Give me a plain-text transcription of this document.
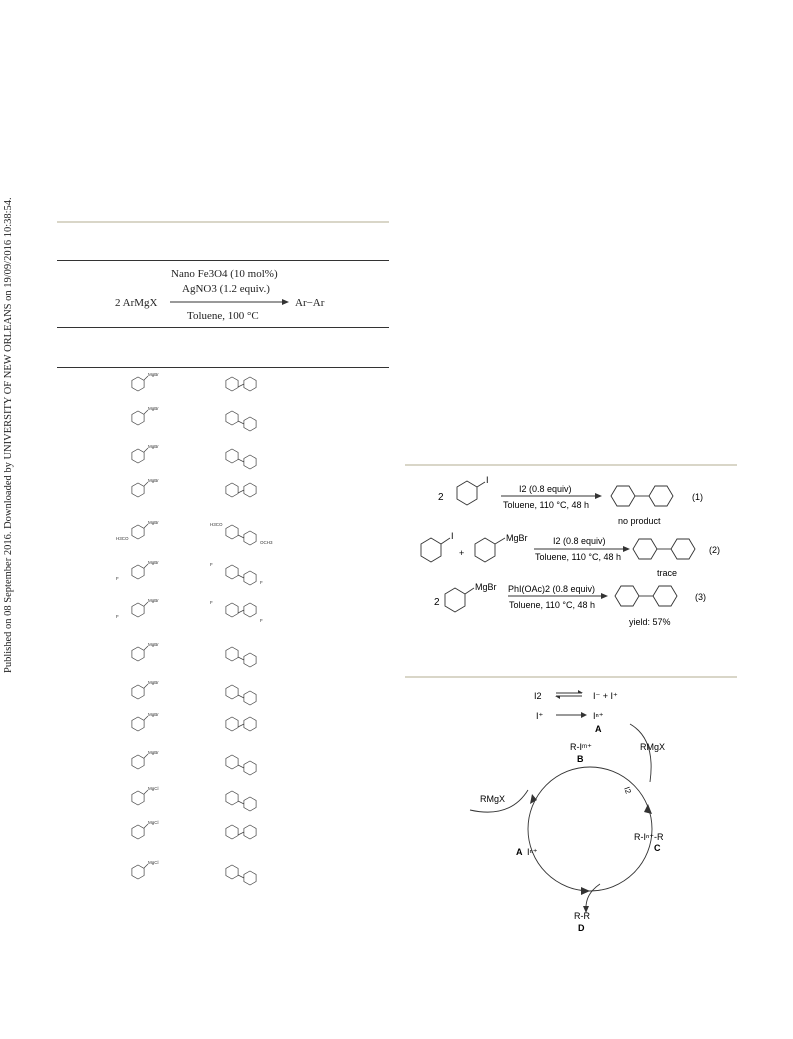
Published on 08 September 2016. Downloaded by UNIVERSITY OF NEW ORLEANS on 19/09/2016 10:38:54.	Nano Fe3O4 (10 mol%)
AgNO3 (1.2 equiv.)
2 ArMgX
Toluene, 100 °C
Ar−Ar
MgBr
MgBr
MgBr
MgBr
MgBr
H3CO
H3CO
OCH3
MgBr
F
F
F
MgBr
F
F
F
MgBr
MgBr
MgBr
MgBr
MgCl
MgCl
MgCl
2
I
I2 (0.8 equiv)
Toluene, 110 °C, 48 h
(1)
no product
I
+
MgBr	I2 (0.8 equiv)
Toluene, 110 °C, 48 h
(2)
trace
2
MgBr PhI(OAc)2 (0.8 equiv)
Toluene, 110 °C, 48 h
(3)
yield: 57%
I2	I⁻ + I⁺
I⁺	Iⁿ⁺
A
R-Iᵐ⁺
B
RMgX
I2
R-Iⁿ⁺-R
C
RMgX
A Iⁿ⁺
R-R
D
